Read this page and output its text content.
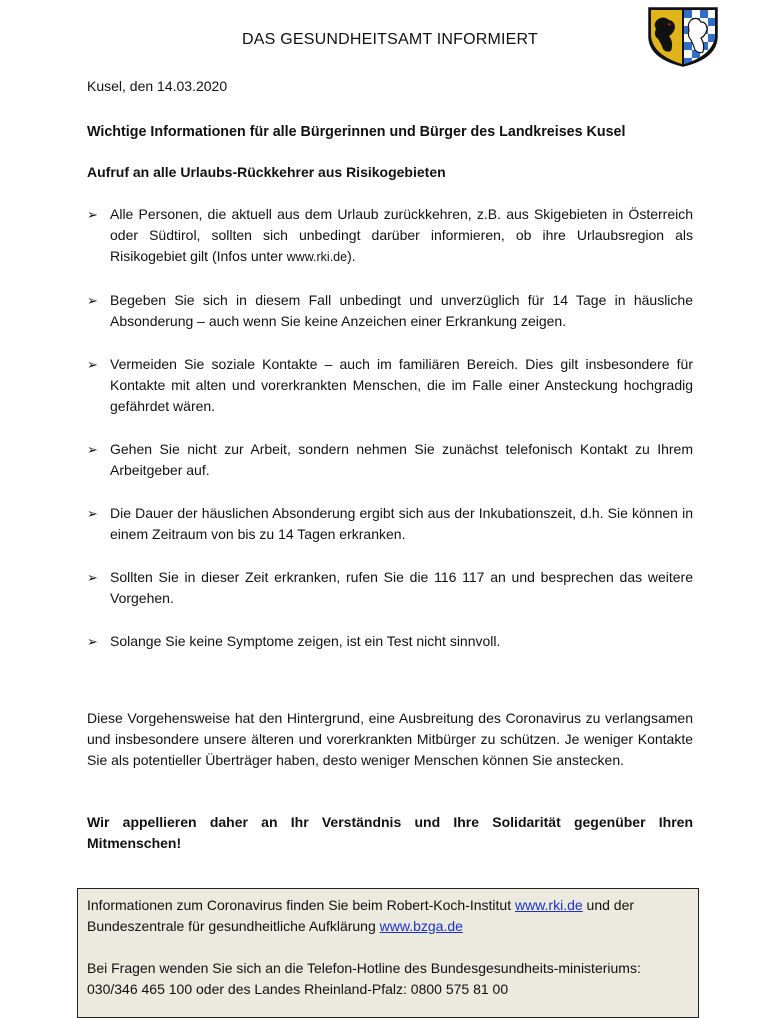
DAS GESUNDHEITSAMT INFORMIERT
Kusel, den 14.03.2020
Wichtige Informationen für alle Bürgerinnen und Bürger des Landkreises Kusel
Aufruf an alle Urlaubs-Rückkehrer aus Risikogebieten
➢ Alle Personen, die aktuell aus dem Urlaub zurückkehren, z.B. aus Skigebieten in Österreich oder Südtirol, sollten sich unbedingt darüber informieren, ob ihre Urlaubsregion als Risikogebiet gilt (Infos unter www.rki.de).
➢ Begeben Sie sich in diesem Fall unbedingt und unverzüglich für 14 Tage in häusliche Absonderung – auch wenn Sie keine Anzeichen einer Erkrankung zeigen.
➢ Vermeiden Sie soziale Kontakte – auch im familiären Bereich. Dies gilt insbesondere für Kontakte mit alten und vorerkrankten Menschen, die im Falle einer Ansteckung hochgradig gefährdet wären.
➢ Gehen Sie nicht zur Arbeit, sondern nehmen Sie zunächst telefonisch Kontakt zu Ihrem Arbeitgeber auf.
➢ Die Dauer der häuslichen Absonderung ergibt sich aus der Inkubationszeit, d.h. Sie können in einem Zeitraum von bis zu 14 Tagen erkranken.
➢ Sollten Sie in dieser Zeit erkranken, rufen Sie die 116 117 an und besprechen das weitere Vorgehen.
➢ Solange Sie keine Symptome zeigen, ist ein Test nicht sinnvoll.

Diese Vorgehensweise hat den Hintergrund, eine Ausbreitung des Coronavirus zu verlangsamen und insbesondere unsere älteren und vorerkrankten Mitbürger zu schützen. Je weniger Kontakte Sie als potentieller Überträger haben, desto weniger Menschen können Sie anstecken.

Wir appellieren daher an Ihr Verständnis und Ihre Solidarität gegenüber Ihren Mitmenschen!

Informationen zum Coronavirus finden Sie beim Robert-Koch-Institut www.rki.de und der Bundeszentrale für gesundheitliche Aufklärung www.bzga.de

Bei Fragen wenden Sie sich an die Telefon-Hotline des Bundesgesundheits-ministeriums: 030/346 465 100 oder des Landes Rheinland-Pfalz: 0800 575 81 00
